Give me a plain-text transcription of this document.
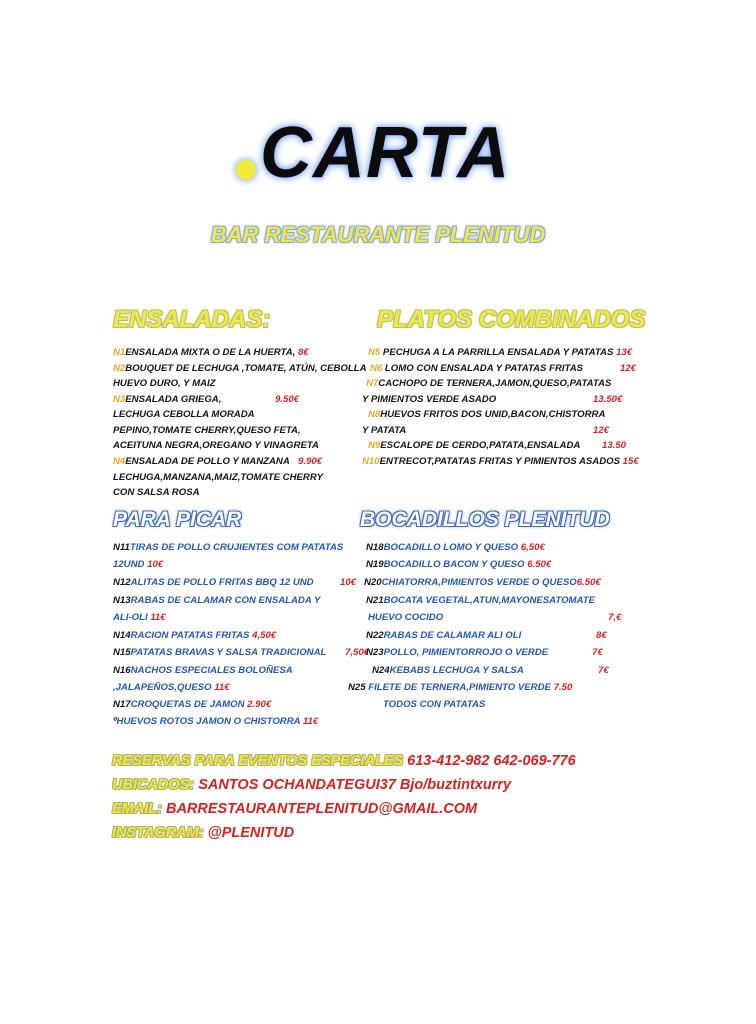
CARTA
BAR RESTAURANTE PLENITUD
ENSALADAS:	PLATOS COMBINADOS
N1ENSALADA MIXTA O DE LA HUERTA, 8€
N2BOUQUET DE LECHUGA ,TOMATE, ATÚN, CEBOLLA
HUEVO DURO, Y MAIZ
N3ENSALADA GRIEGA,	9.50€
LECHUGA CEBOLLA MORADA
PEPINO,TOMATE CHERRY,QUESO FETA,
ACEITUNA NEGRA,OREGANO Y VINAGRETA
N4ENSALADA DE POLLO Y MANZANA 9.90€
LECHUGA,MANZANA,MAIZ,TOMATE CHERRY
CON SALSA ROSA
N5 PECHUGA A LA PARRILLA ENSALADA Y PATATAS 13€
N6 LOMO CON ENSALADA Y PATATAS FRITAS	12€
N7CACHOPO DE TERNERA,JAMON,QUESO,PATATAS
Y PIMIENTOS VERDE ASADO	13.50€
N8HUEVOS FRITOS DOS UNID,BACON,CHISTORRA
Y PATATA	12€
N9ESCALOPE DE CERDO,PATATA,ENSALADA 13.50
N10ENTRECOT,PATATAS FRITAS Y PIMIENTOS ASADOS 15€
PARA PICAR	BOCADILLOS PLENITUD
N11TIRAS DE POLLO CRUJIENTES COM PATATAS
12UND 10€
N12ALITAS DE POLLO FRITAS BBQ 12 UND	10€
N13RABAS DE CALAMAR CON ENSALADA Y
ALI-OLI 11€
N14RACION PATATAS FRITAS 4,50€
N15PATATAS BRAVAS Y SALSA TRADICIONAL 7,50€
N16NACHOS ESPECIALES BOLOÑESA
,JALAPEÑOS,QUESO 11€
N17CROQUETAS DE JAMON 2.90€
ºHUEVOS ROTOS JAMON O CHISTORRA 11€
N18BOCADILLO LOMO Y QUESO 6,50€
N19BOCADILLO BACON Y QUESO 6.50€
N20CHIATORRA,PIMIENTOS VERDE O QUESO6.50€
N21BOCATA VEGETAL,ATUN,MAYONESATOMATE
HUEVO COCIDO	7,€
N22RABAS DE CALAMAR ALI OLI	8€
N23POLLO, PIMIENTORROJO O VERDE	7€
N24KEBABS LECHUGA Y SALSA	7€
N25 FILETE DE TERNERA,PIMIENTO VERDE 7.50
TODOS CON PATATAS
RESERVAS PARA EVENTOS ESPECIALES 613-412-982 642-069-776
UBICADOS: SANTOS OCHANDATEGUI37 Bjo/buztintxurry
EMAIL: BARRESTAURANTEPLENITUD@GMAIL.COM
INSTAGRAM: @PLENITUD
